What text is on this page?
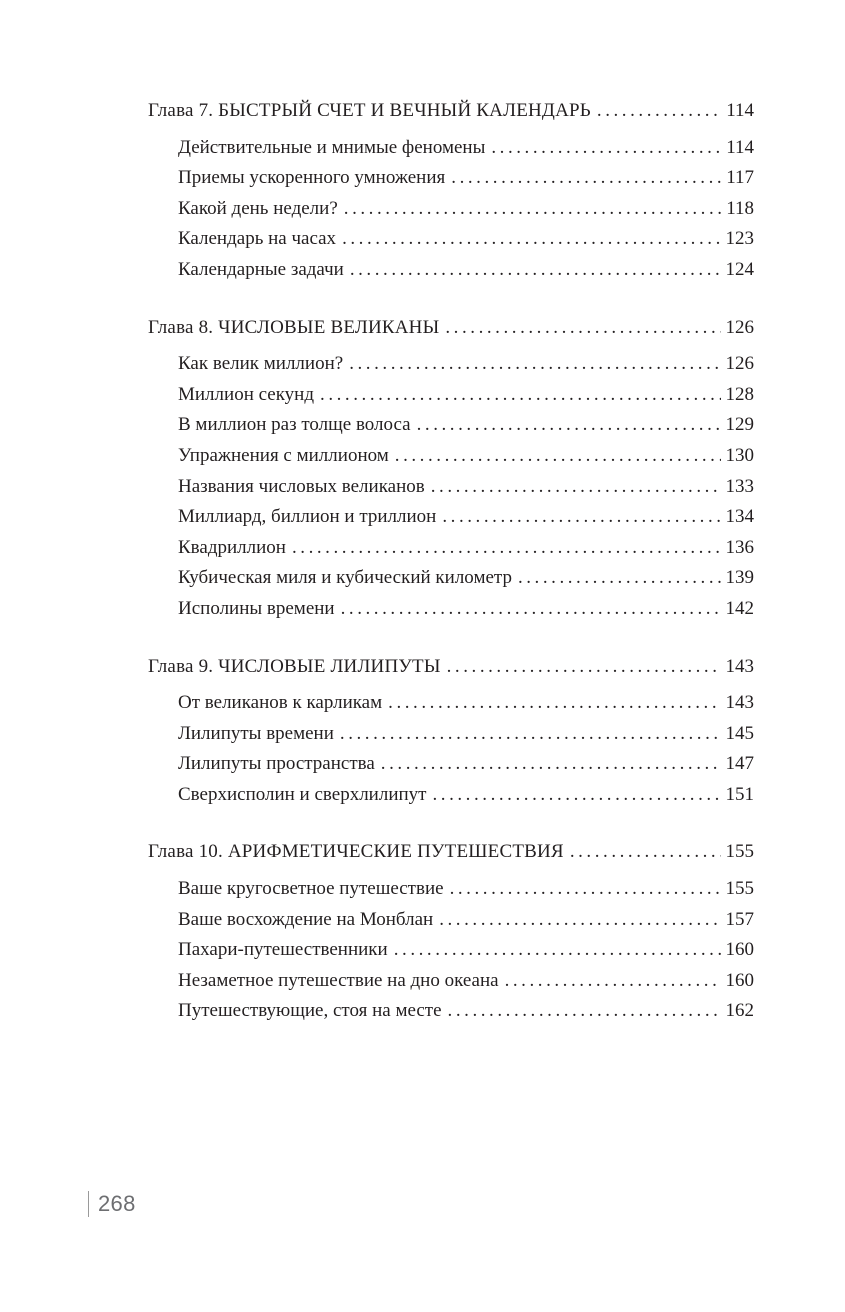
Глава 7. БЫСТРЫЙ СЧЕТ И ВЕЧНЫЙ КАЛЕНДАРЬ . . .	114
Действительные и мнимые феномены . . .	114
Приемы ускоренного умножения . . .	117
Какой день недели? . . .	118
Календарь на часах . . .	123
Календарные задачи . . .	124
Глава 8. ЧИСЛОВЫЕ ВЕЛИКАНЫ . . .	126
Как велик миллион? . . .	126
Миллион секунд . . .	128
В миллион раз толще волоса . . .	129
Упражнения с миллионом . . .	130
Названия числовых великанов . . .	133
Миллиард, биллион и триллион . . .	134
Квадриллион . . .	136
Кубическая миля и кубический километр . . .	139
Исполины времени . . .	142
Глава 9. ЧИСЛОВЫЕ ЛИЛИПУТЫ . . .	143
От великанов к карликам . . .	143
Лилипуты времени . . .	145
Лилипуты пространства . . .	147
Сверхисполин и сверхлилипут . . .	151
Глава 10. АРИФМЕТИЧЕСКИЕ ПУТЕШЕСТВИЯ . . .	155
Ваше кругосветное путешествие . . .	155
Ваше восхождение на Монблан . . .	157
Пахари-путешественники . . .	160
Незаметное путешествие на дно океана . . .	160
Путешествующие, стоя на месте . . .	162
268
